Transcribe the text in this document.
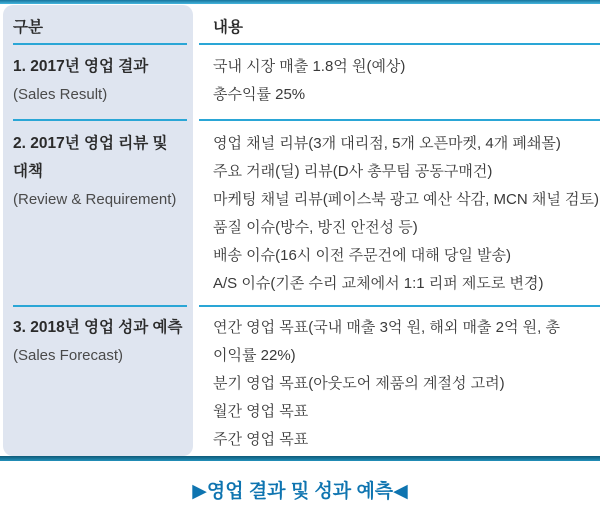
구분	내용
1. 2017년 영업 결과
(Sales Result)
국내 시장 매출 1.8억 원(예상)
총수익률 25%
2. 2017년 영업 리뷰 및
대책
(Review & Requirement)
영업 채널 리뷰(3개 대리점, 5개 오픈마켓, 4개 폐쇄몰)
주요 거래(딜) 리뷰(D사 총무팀 공동구매건)
마케팅 채널 리뷰(페이스북 광고 예산 삭감, MCN 채널 검토)
품질 이슈(방수, 방진 안전성 등)
배송 이슈(16시 이전 주문건에 대해 당일 발송)
A/S 이슈(기존 수리 교체에서 1:1 리퍼 제도로 변경)
3. 2018년 영업 성과 예측
(Sales Forecast)
연간 영업 목표(국내 매출 3억 원, 해외 매출 2억 원, 총
이익률 22%)
분기 영업 목표(아웃도어 제품의 계절성 고려)
월간 영업 목표
주간 영업 목표
▶영업 결과 및 성과 예측◀
